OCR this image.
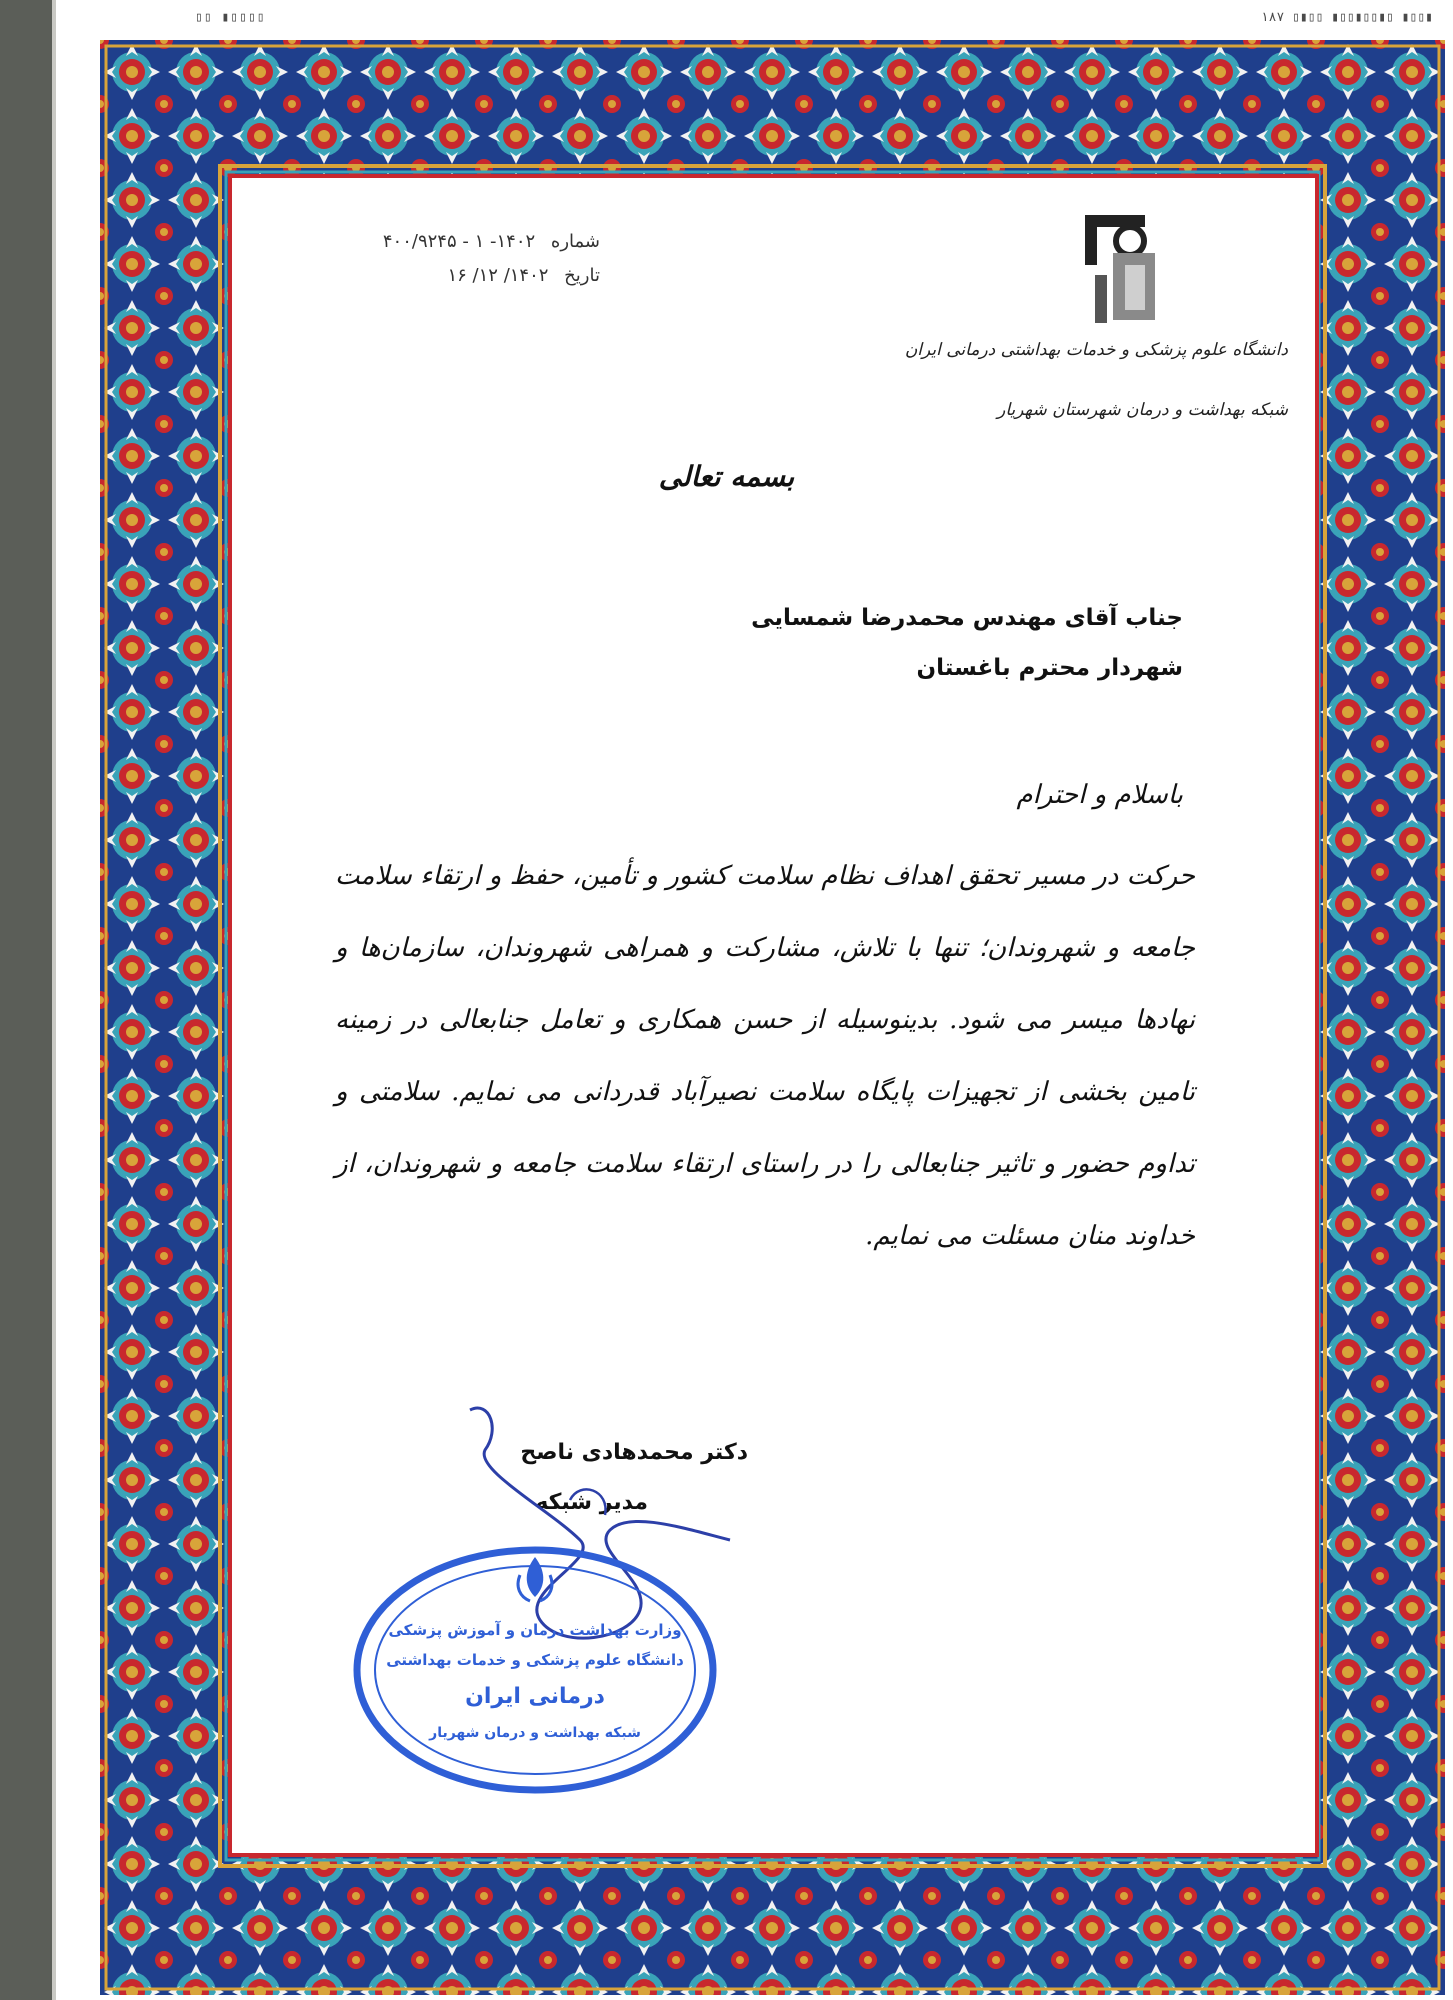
▯▯ ▮▯▯▯▯	▮▯▯▮ ▯▮▯▯▮▯▯▮ ▯▯▮▯ ١٨٧
شماره ۱۴۰۲- ۱ - ۴۰۰/۹۲۴۵
تاریخ ۱۴۰۲/ ۱۲/ ۱۶
دانشگاه علوم پزشکی و خدمات بهداشتی درمانی ایران
شبکه بهداشت و درمان شهرستان شهریار
بسمه تعالی
جناب آقای مهندس محمدرضا شمسایی
شهردار محترم باغستان
باسلام و احترام
حرکت در مسیر تحقق اهداف نظام سلامت کشور و تأمین، حفظ و ارتقاء سلامت جامعه و شهروندان؛ تنها با تلاش، مشارکت و همراهی شهروندان، سازمان‌ها و نهادها میسر می شود. بدینوسیله از حسن همکاری و تعامل جنابعالی در زمینه تامین بخشی از تجهیزات پایگاه سلامت نصیرآباد قدردانی می نمایم. سلامتی و تداوم حضور و تاثیر جنابعالی را در راستای ارتقاء سلامت جامعه و شهروندان، از خداوند منان مسئلت می نمایم.
دکتر محمدهادی ناصح
مدیر شبکه
وزارت بهداشت درمان و آموزش پزشکی
دانشگاه علوم پزشکی و خدمات بهداشتی
درمانی ایران
شبکه بهداشت و درمان شهریار
